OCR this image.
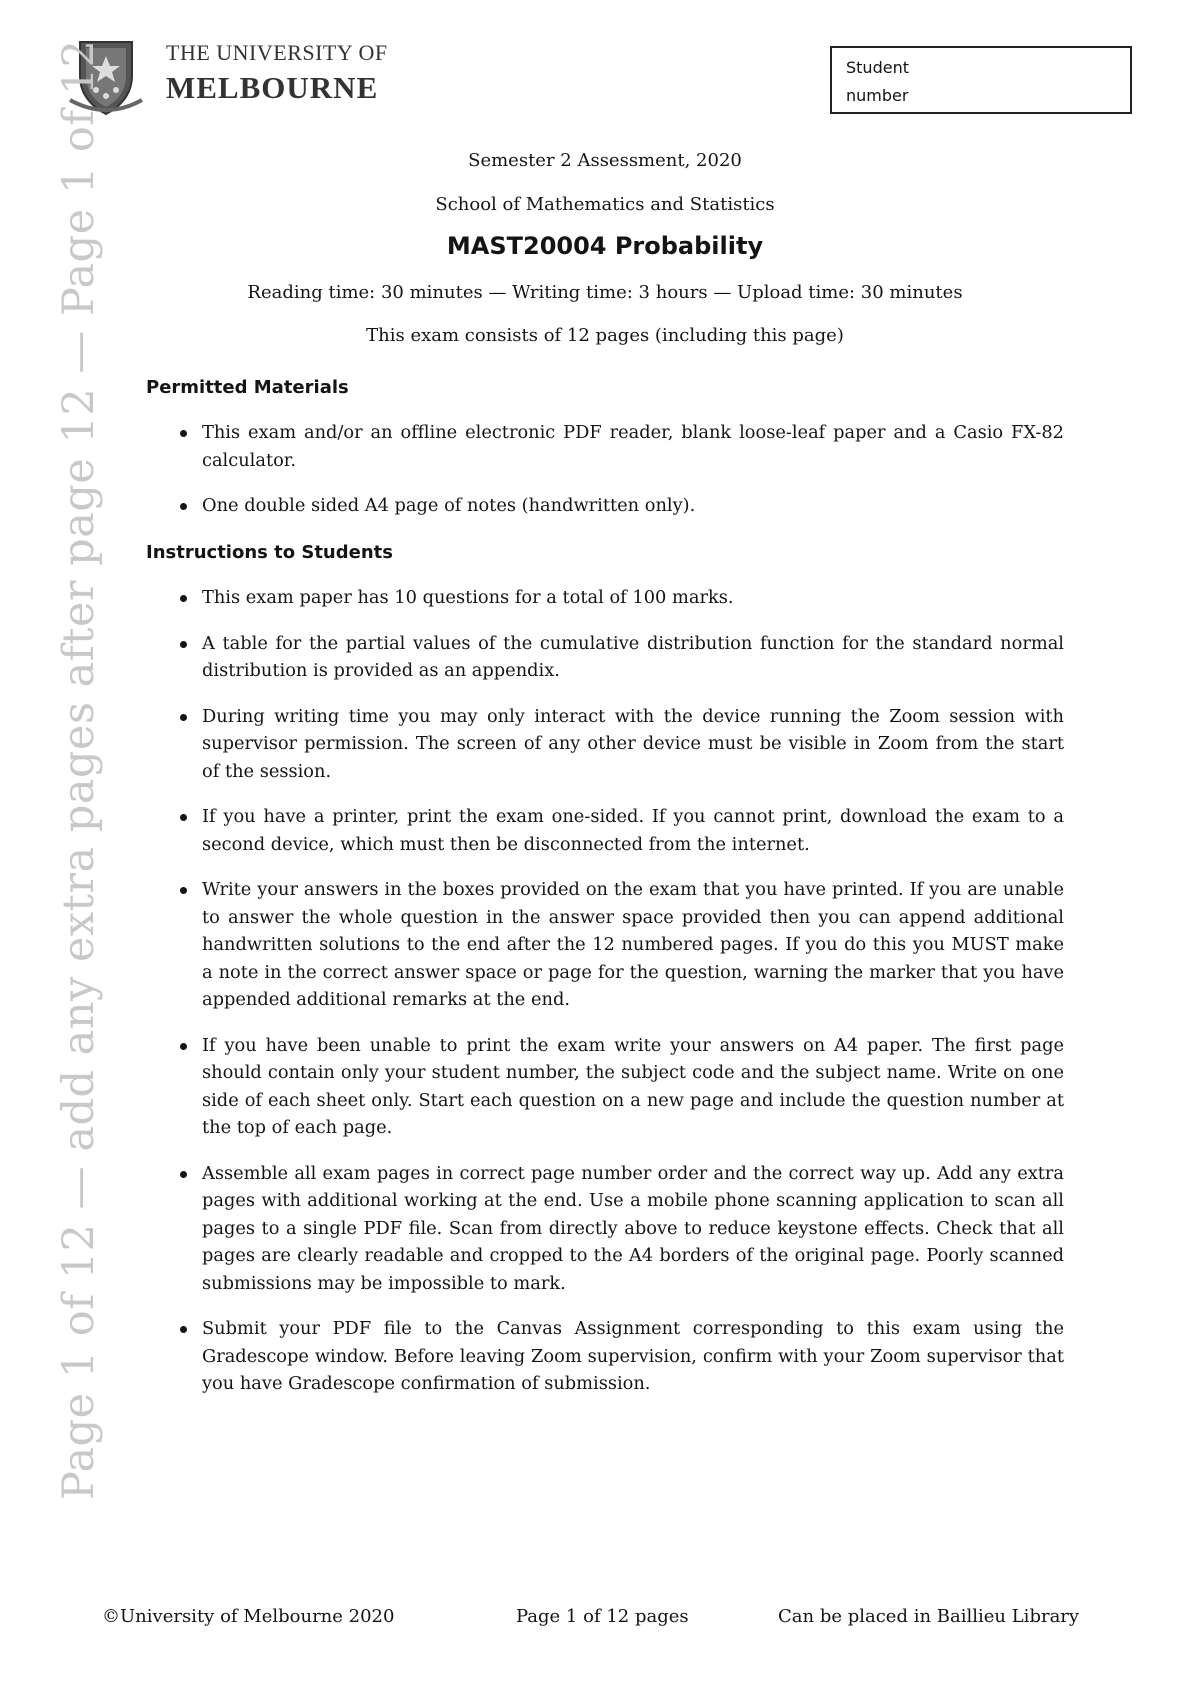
THE UNIVERSITY OF
MELBOURNE
Student
number
Page 1 of 12 — add any extra pages after page 12 — Page 1 of 12	Semester 2 Assessment, 2020
School of Mathematics and Statistics
MAST20004 Probability
Reading time: 30 minutes — Writing time: 3 hours — Upload time: 30 minutes
This exam consists of 12 pages (including this page)
Permitted Materials
This exam and/or an offline electronic PDF reader, blank loose-leaf paper and a Casio FX-82 calculator.
One double sided A4 page of notes (handwritten only).
Instructions to Students
This exam paper has 10 questions for a total of 100 marks.
A table for the partial values of the cumulative distribution function for the standard normal distribution is provided as an appendix.
During writing time you may only interact with the device running the Zoom session with supervisor permission. The screen of any other device must be visible in Zoom from the start of the session.
If you have a printer, print the exam one-sided. If you cannot print, download the exam to a second device, which must then be disconnected from the internet.
Write your answers in the boxes provided on the exam that you have printed. If you are unable to answer the whole question in the answer space provided then you can append additional handwritten solutions to the end after the 12 numbered pages. If you do this you MUST make a note in the correct answer space or page for the question, warning the marker that you have appended additional remarks at the end.
If you have been unable to print the exam write your answers on A4 paper. The first page should contain only your student number, the subject code and the subject name. Write on one side of each sheet only. Start each question on a new page and include the question number at the top of each page.
Assemble all exam pages in correct page number order and the correct way up. Add any extra pages with additional working at the end. Use a mobile phone scanning application to scan all pages to a single PDF file. Scan from directly above to reduce keystone effects. Check that all pages are clearly readable and cropped to the A4 borders of the original page. Poorly scanned submissions may be impossible to mark.
Submit your PDF file to the Canvas Assignment corresponding to this exam using the Gradescope window. Before leaving Zoom supervision, confirm with your Zoom supervisor that you have Gradescope confirmation of submission.
©University of Melbourne 2020	Page 1 of 12 pages	Can be placed in Baillieu Library
